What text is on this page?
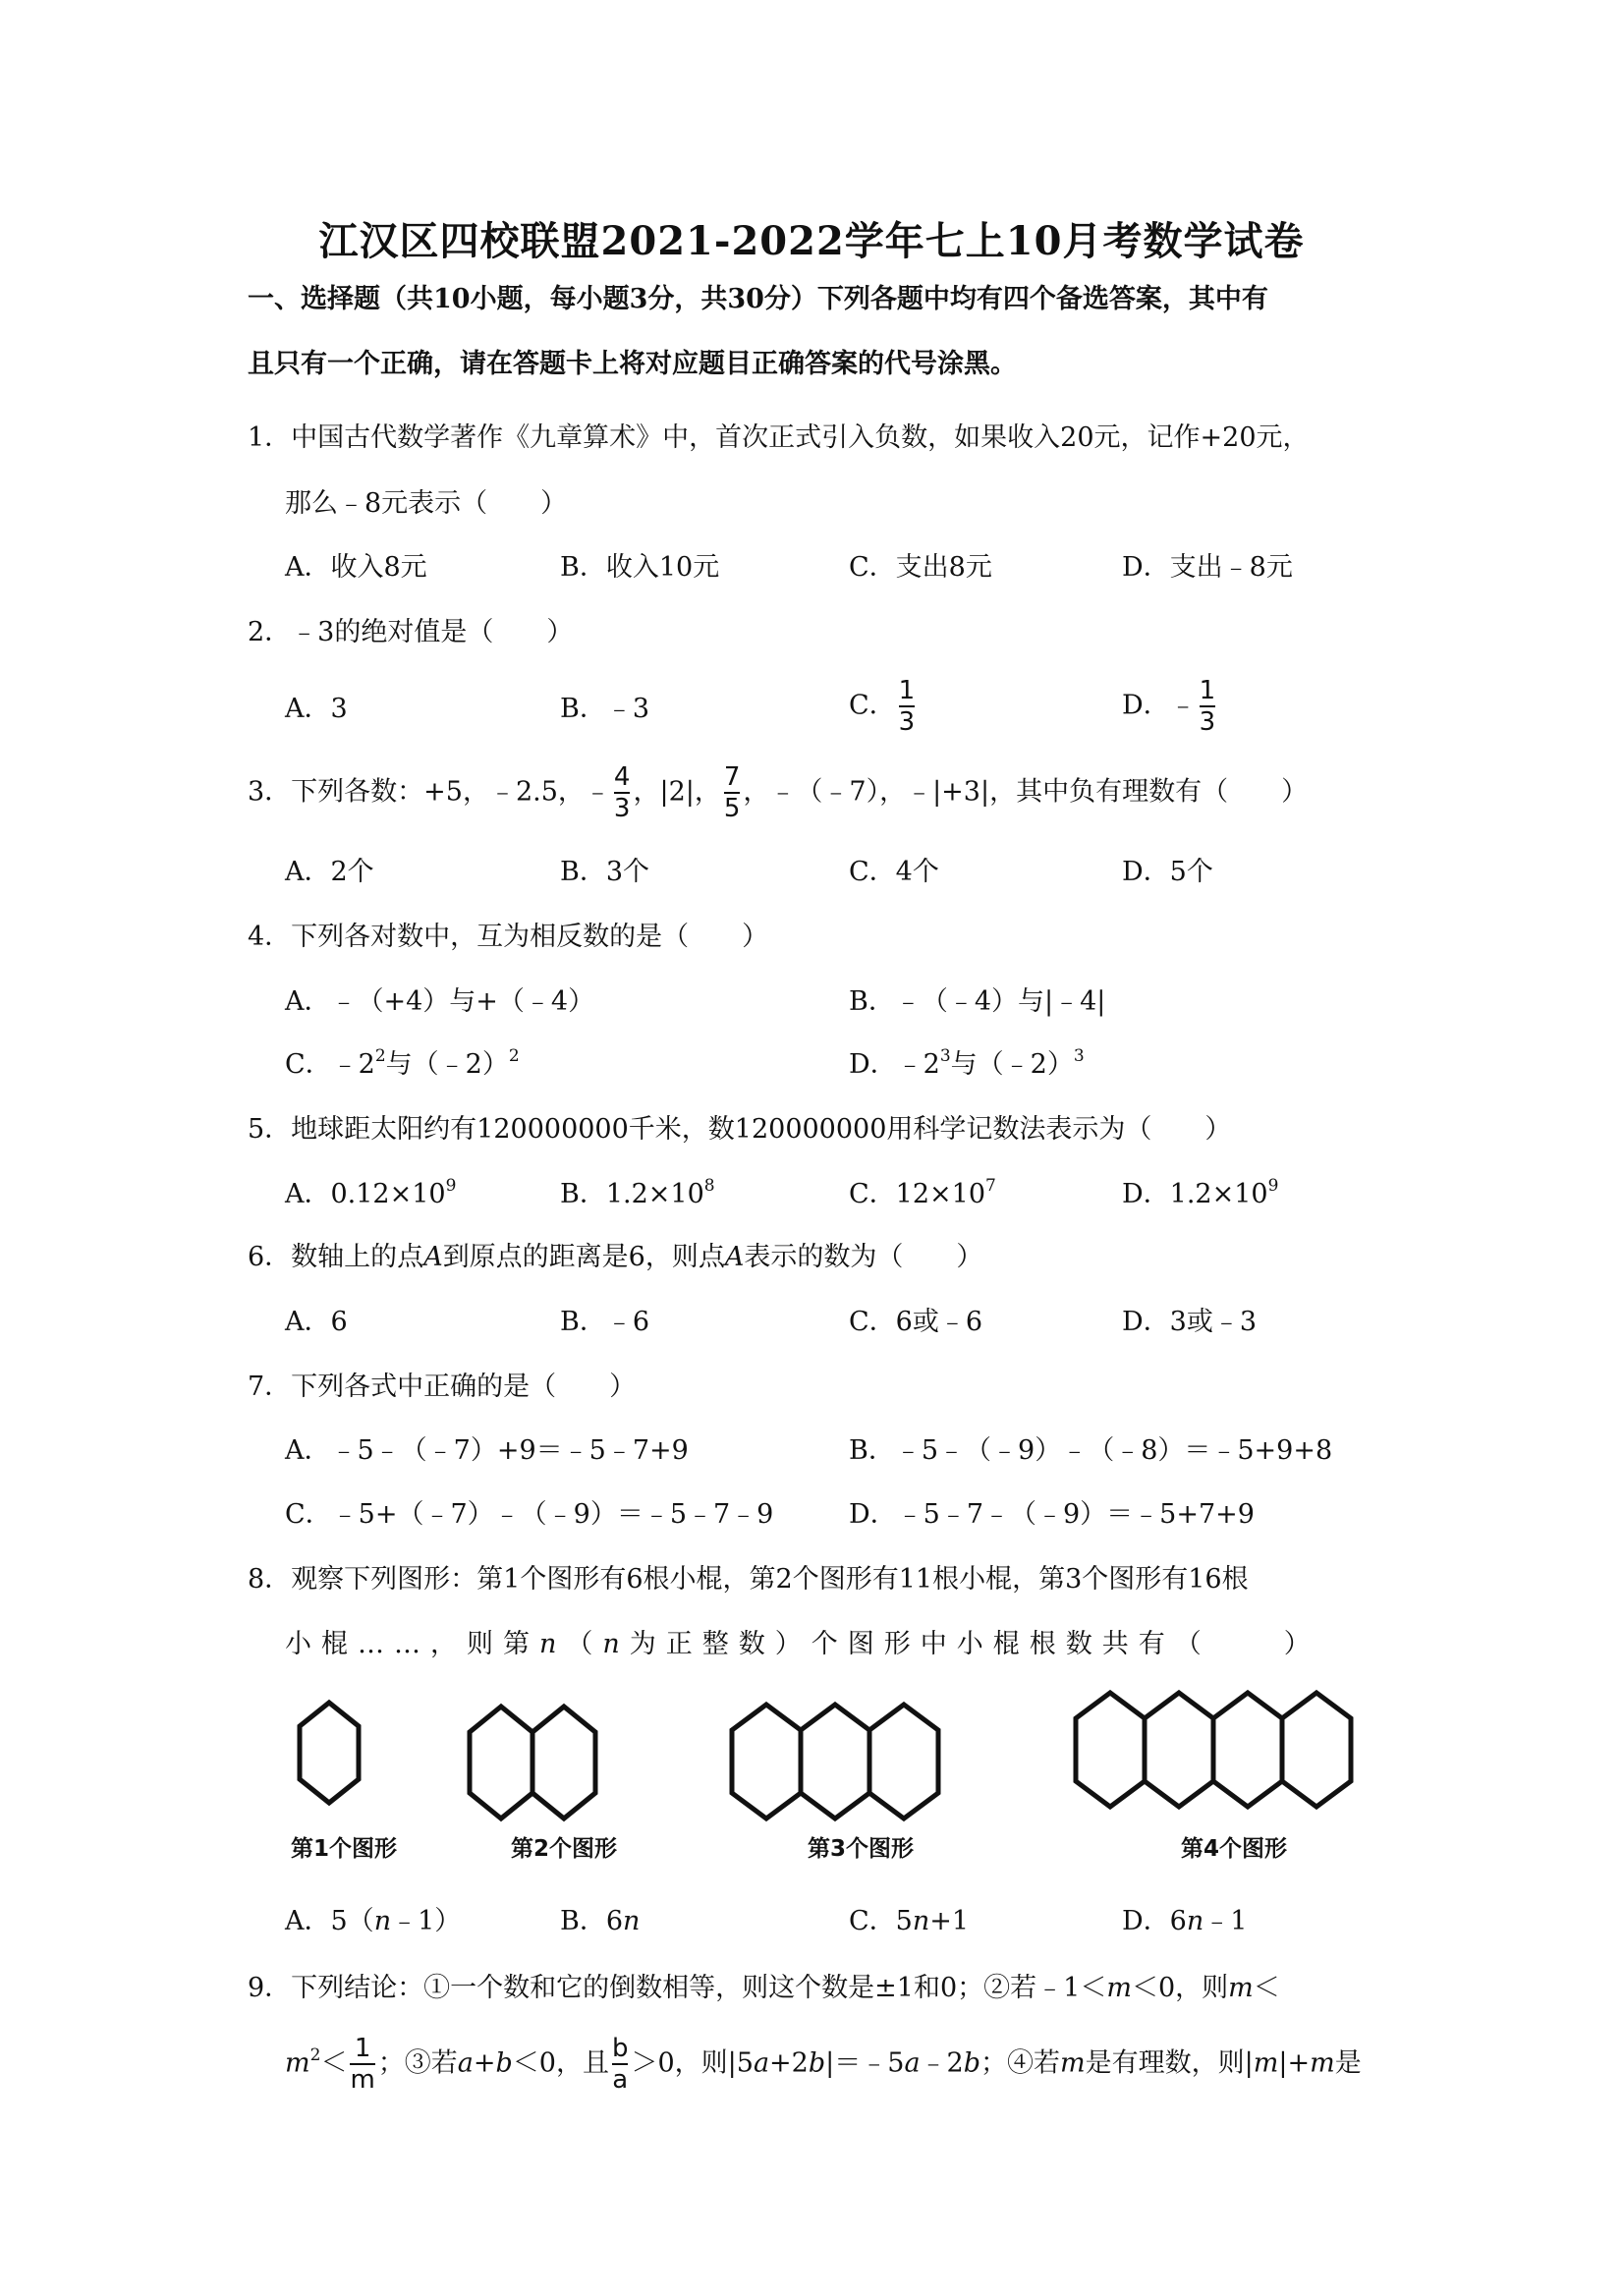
江汉区四校联盟2021-2022学年七上10月考数学试卷
一、选择题（共10小题，每小题3分，共30分）下列各题中均有四个备选答案，其中有
且只有一个正确，请在答题卡上将对应题目正确答案的代号涂黑。
1．中国古代数学著作《九章算术》中，首次正式引入负数，如果收入20元，记作+20元，
那么﹣8元表示（　　）
A．收入8元	B．收入10元	C．支出8元	D．支出﹣8元
2．﹣3的绝对值是（　　）
A．3	B．﹣3	C． $\frac{1}{3}$	D．﹣ $\frac{1}{3}$
3．下列各数：+5，﹣2.5，﹣ $\frac{4}{3}$ ，|2|， $\frac{7}{5}$ ，﹣（﹣7），﹣|+3|，其中负有理数有（　　）
A．2个	B．3个	C．4个	D．5个
4．下列各对数中，互为相反数的是（　　）
A．﹣（+4）与+（﹣4）	B．﹣（﹣4）与|﹣4|
C．$﹣2^2$与（﹣2）$^2$	D．$﹣2^3$与（﹣2）$^3$
5．地球距太阳约有120000000千米，数120000000用科学记数法表示为（　　）
A．$0.12\times 10^9$	B．$1.2\times 10^8$	C．$12\times 10^7$	D．$1.2\times 10^9$
6．数轴上的点A到原点的距离是6，则点A表示的数为（　　）
A．6	B．﹣6	C．6或﹣6	D．3或﹣3
7．下列各式中正确的是（　　）
A．﹣5﹣（﹣7）+9＝﹣5﹣7+9	B．﹣5﹣（﹣9）﹣（﹣8）＝﹣5+9+8
C．﹣5+（﹣7）﹣（﹣9）＝﹣5﹣7﹣9	D．﹣5﹣7﹣（﹣9）＝﹣5+7+9
8．观察下列图形：第1个图形有6根小棍，第2个图形有11根小棍，第3个图形有16根
小棍……，则第n（n为正整数）个图形中小棍根数共有（　　）
第1个图形	第2个图形	第3个图形	第4个图形
A．5（n﹣1）	B．6n	C．5n+1	D．6n﹣1
9．下列结论：①一个数和它的倒数相等，则这个数是±1和0；②若﹣1＜m＜0，则m＜
$m^2< \frac{1}{m}$ ；③若a+b＜0，且 $\frac{b}{a} >0$，则|5a+2b|＝﹣5a﹣2b；④若m是有理数，则|m|+m是
